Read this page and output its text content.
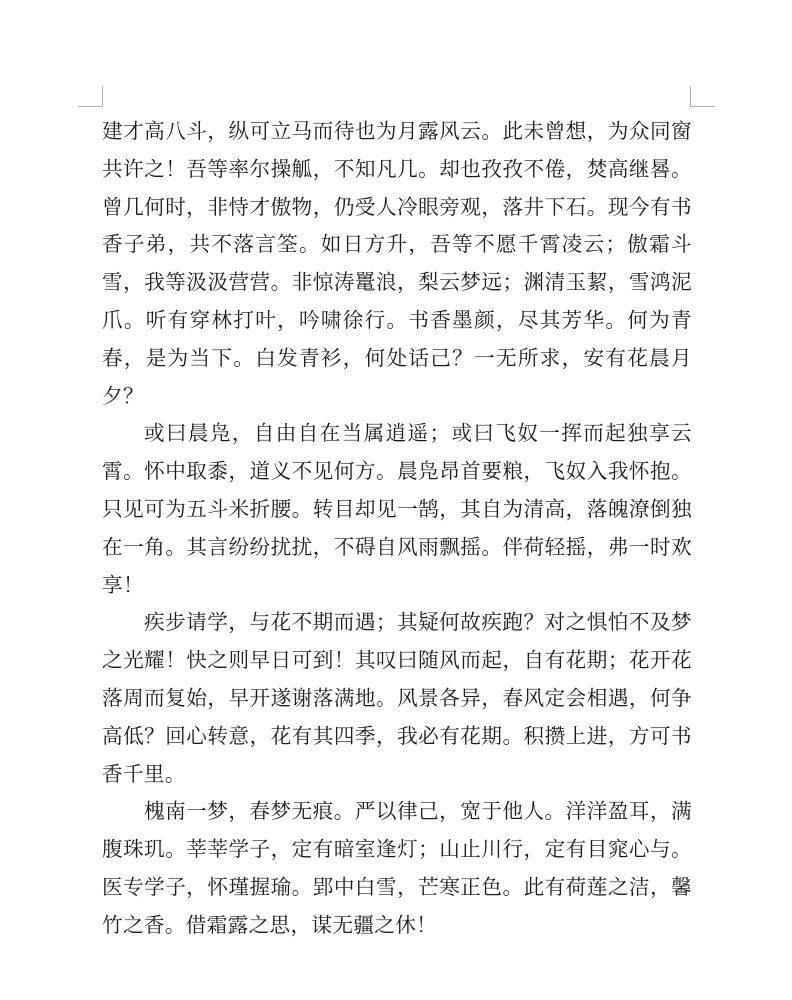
建才高八斗，纵可立马而待也为月露风云。此未曾想，为众同窗共许之！吾等率尔操觚，不知凡几。却也孜孜不倦，焚高继晷。曾几何时，非恃才傲物，仍受人冷眼旁观，落井下石。现今有书香子弟，共不落言筌。如日方升，吾等不愿千霄凌云；傲霜斗雪，我等汲汲营营。非惊涛鼍浪，梨云梦远；渊清玉絜，雪鸿泥爪。听有穿林打叶，吟啸徐行。书香墨颜，尽其芳华。何为青春，是为当下。白发青衫，何处话己？一无所求，安有花晨月夕？

或曰晨凫，自由自在当属逍遥；或曰飞奴一挥而起独享云霄。怀中取黍，道义不见何方。晨凫昂首要粮，飞奴入我怀抱。只见可为五斗米折腰。转目却见一鹄，其自为清高，落魄潦倒独在一角。其言纷纷扰扰，不碍自风雨飘摇。伴荷轻摇，弗一时欢享！

疾步请学，与花不期而遇；其疑何故疾跑？对之惧怕不及梦之光耀！快之则早日可到！其叹曰随风而起，自有花期；花开花落周而复始，早开遂谢落满地。风景各异，春风定会相遇，何争高低？回心转意，花有其四季，我必有花期。积攒上进，方可书香千里。

槐南一梦，春梦无痕。严以律己，宽于他人。洋洋盈耳，满腹珠玑。莘莘学子，定有暗室逢灯；山止川行，定有目窕心与。医专学子，怀瑾握瑜。郢中白雪，芒寒正色。此有荷莲之洁，馨竹之香。借霜露之思，谋无疆之休！
